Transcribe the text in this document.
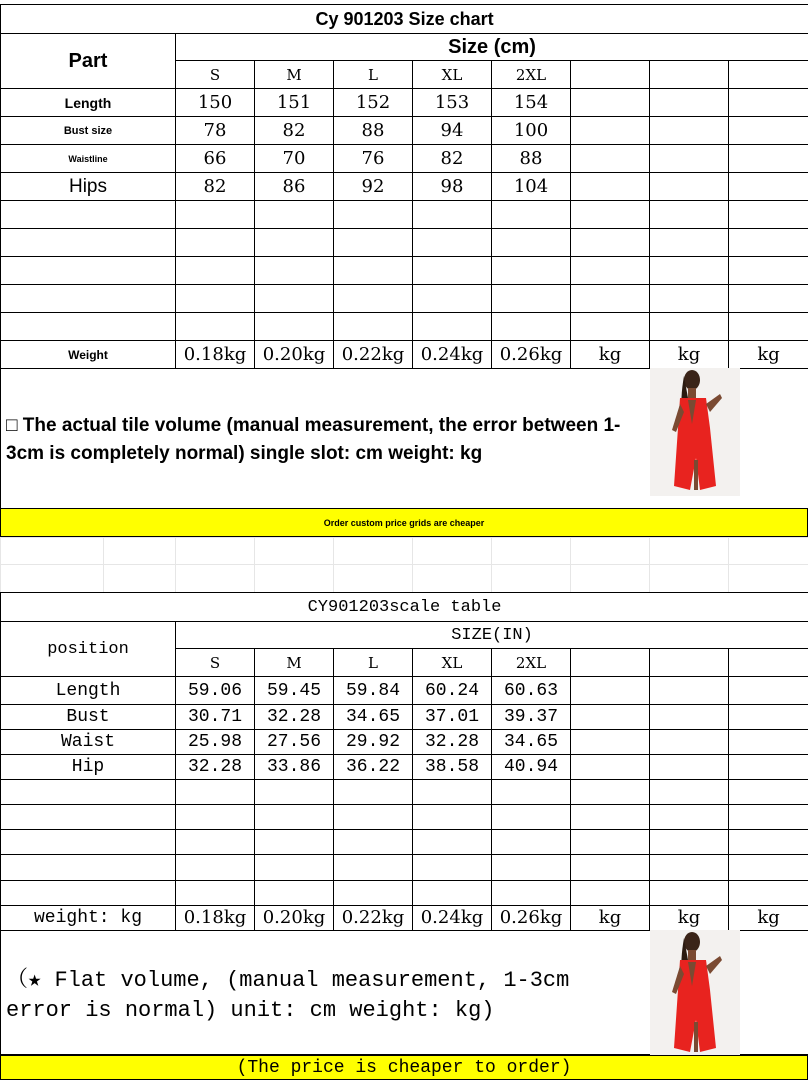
Cy 901203 Size chart								
Part	Size (cm)							
	S	M	L	XL	2XL			
Length	150	151	152	153	154			
Bust size	78	82	88	94	100			
Waistline	66	70	76	82	88			
Hips	82	86	92	98	104			

Weight	0.18kg	0.20kg	0.22kg	0.24kg	0.26kg	kg	kg	kg

□ The actual tile volume (manual measurement, the error between 1-3cm is completely normal) single slot: cm weight: kg
Order custom price grids are cheaper

CY901203scale table								
position	SIZE(IN)							
	S	M	L	XL	2XL			
Length	59.06	59.45	59.84	60.24	60.63			
Bust	30.71	32.28	34.65	37.01	39.37			
Waist	25.98	27.56	29.92	32.28	34.65			
Hip	32.28	33.86	36.22	38.58	40.94			

weight: kg	0.18kg	0.20kg	0.22kg	0.24kg	0.26kg	kg	kg	kg

（★ Flat volume, (manual measurement, 1-3cm error is normal) unit: cm weight: kg)
(The price is cheaper to order)
